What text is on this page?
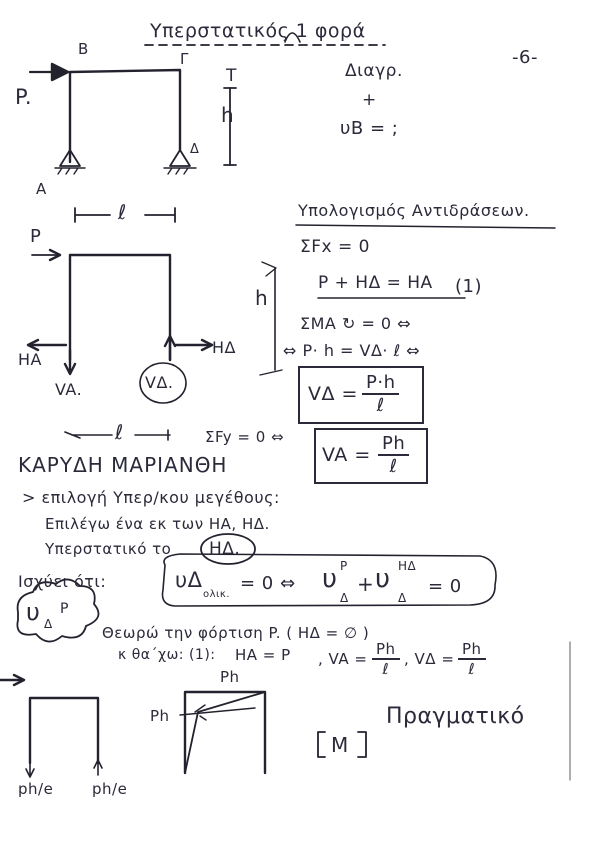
Υπερστατικός 1 φορά
-6-
Διαγρ.
+
υB = ;
B
Γ
A
Δ
P.
T
h
ℓ	Υπολογισμός Αντιδράσεων.
ΣFx = 0
P + HΔ = HA (1)
ΣMA ↻ = 0 ⇔
⇔ P· h = VΔ· ℓ ⇔
VΔ =
P·h
ℓ
VA =
Ph
ℓ
ΣFy = 0 ⇔
P
HA
VA.	VΔ.
HΔ
h
ℓ
ΚΑΡΥΔΗ ΜΑΡΙΑΝΘΗ
> επιλογή Υπερ/κου μεγέθους:
Επιλέγω ένα εκ των HA, HΔ.
Υπερστατικό το HΔ.
Ισχύει ότι:	υΔ
ολικ.
= 0 ⇔ υ P
Δ
+ υ HΔ
Δ
= 0
υ Δ
P
Θεωρώ την φόρτιση P. ( HΔ = ∅ )
κ θα΄χω: (1): HA = P , VA =
Ph
ℓ
, VΔ =
Ph
ℓ
ph/e	ph/e
Ph
Ph
M
Πραγματικό
